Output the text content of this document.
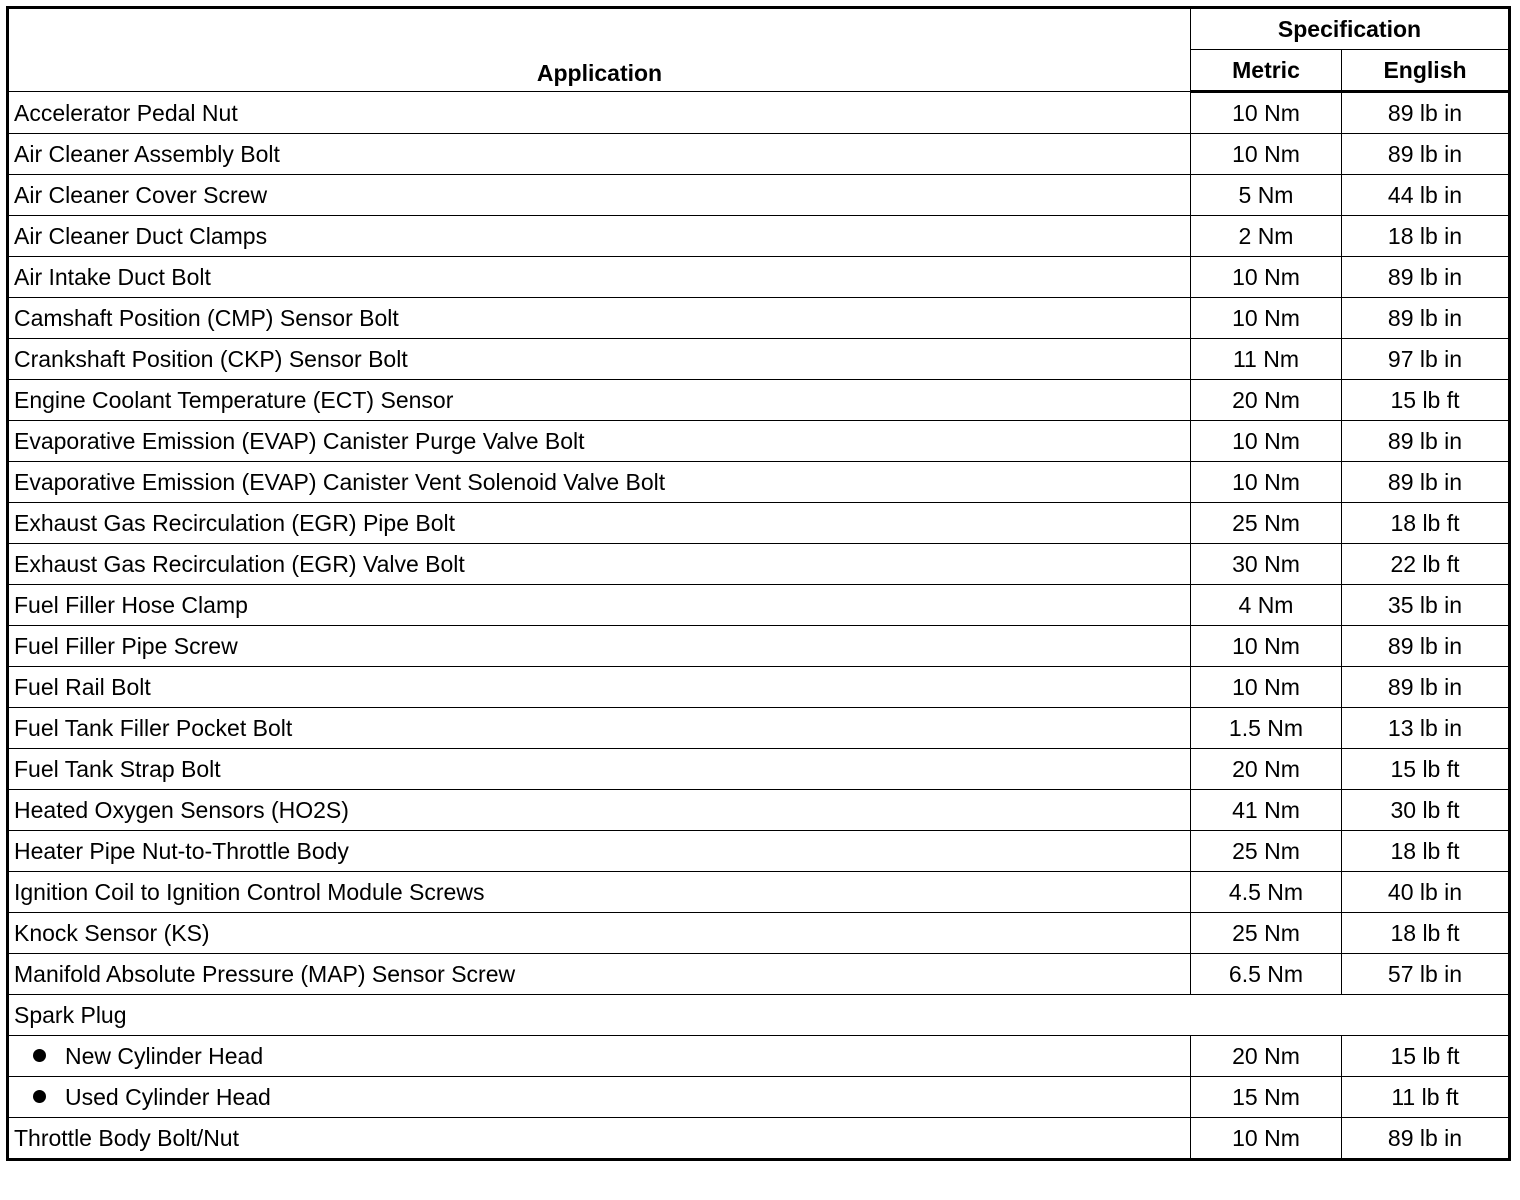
Application	Specification	
	Metric	English
Accelerator Pedal Nut	10 Nm	89 lb in
Air Cleaner Assembly Bolt	10 Nm	89 lb in
Air Cleaner Cover Screw	5 Nm	44 lb in
Air Cleaner Duct Clamps	2 Nm	18 lb in
Air Intake Duct Bolt	10 Nm	89 lb in
Camshaft Position (CMP) Sensor Bolt	10 Nm	89 lb in
Crankshaft Position (CKP) Sensor Bolt	11 Nm	97 lb in
Engine Coolant Temperature (ECT) Sensor	20 Nm	15 lb ft
Evaporative Emission (EVAP) Canister Purge Valve Bolt	10 Nm	89 lb in
Evaporative Emission (EVAP) Canister Vent Solenoid Valve Bolt	10 Nm	89 lb in
Exhaust Gas Recirculation (EGR) Pipe Bolt	25 Nm	18 lb ft
Exhaust Gas Recirculation (EGR) Valve Bolt	30 Nm	22 lb ft
Fuel Filler Hose Clamp	4 Nm	35 lb in
Fuel Filler Pipe Screw	10 Nm	89 lb in
Fuel Rail Bolt	10 Nm	89 lb in
Fuel Tank Filler Pocket Bolt	1.5 Nm	13 lb in
Fuel Tank Strap Bolt	20 Nm	15 lb ft
Heated Oxygen Sensors (HO2S)	41 Nm	30 lb ft
Heater Pipe Nut-to-Throttle Body	25 Nm	18 lb ft
Ignition Coil to Ignition Control Module Screws	4.5 Nm	40 lb in
Knock Sensor (KS)	25 Nm	18 lb ft
Manifold Absolute Pressure (MAP) Sensor Screw	6.5 Nm	57 lb in
Spark Plug		
New Cylinder Head	20 Nm	15 lb ft
Used Cylinder Head	15 Nm	11 lb ft
Throttle Body Bolt/Nut	10 Nm	89 lb in
